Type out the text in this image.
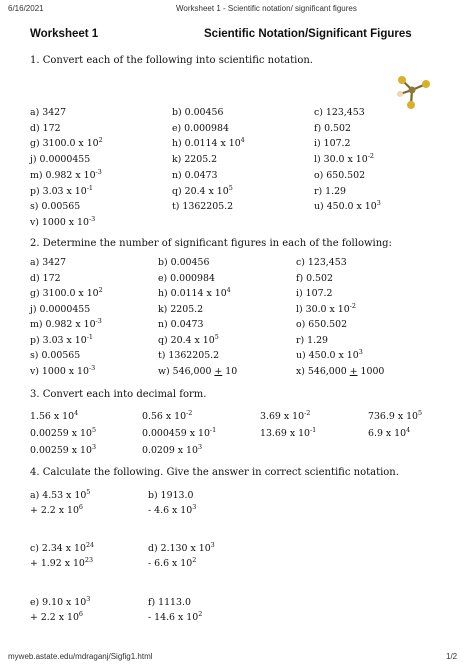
6/16/2021	Worksheet 1 - Scientific notation/ significant figures
Worksheet 1	Scientific Notation/Significant Figures
1. Convert each of the following into scientific notation.
a) 3427	b) 0.00456	c) 123,453
d) 172	e) 0.000984	f) 0.502
g) 3100.0 x $10^2$	h) 0.0114 x $10^4$	i) 107.2
j) 0.0000455	k) 2205.2	l) 30.0 x $10^{-2}$
m) 0.982 x $10^{-3}$	n) 0.0473	o) 650.502
p) 3.03 x $10^{-1}$	q) 20.4 x $10^5$	r) 1.29
s) 0.00565	t) 1362205.2	u) 450.0 x $10^3$
v) 1000 x $10^{-3}$
2. Determine the number of significant figures in each of the following:
a) 3427	b) 0.00456	c) 123,453
d) 172	e) 0.000984	f) 0.502
g) 3100.0 x $10^2$	h) 0.0114 x $10^4$	i) 107.2
j) 0.0000455	k) 2205.2	l) 30.0 x $10^{-2}$
m) 0.982 x $10^{-3}$	n) 0.0473	o) 650.502
p) 3.03 x $10^{-1}$	q) 20.4 x $10^5$	r) 1.29
s) 0.00565	t) 1362205.2	u) 450.0 x $10^3$
v) 1000 x $10^{-3}$	w) 546,000 + 10	x) 546,000 + 1000
3. Convert each into decimal form.
1.56 x $10^4$	0.56 x $10^{-2}$	3.69 x $10^{-2}$	736.9 x $10^5$
0.00259 x $10^5$	0.000459 x $10^{-1}$	13.69 x $10^{-1}$	6.9 x $10^4$
0.00259 x $10^3$	0.0209 x $10^3$
4. Calculate the following. Give the answer in correct scientific notation.
a) 4.53 x $10^5$	b) 1913.0
+ 2.2 x $10^6$	- 4.6 x $10^3$
c) 2.34 x $10^{24}$	d) 2.130 x $10^3$
+ 1.92 x $10^{23}$	- 6.6 x $10^2$
e) 9.10 x $10^3$	f) 1113.0
+ 2.2 x $10^6$	- 14.6 x $10^2$
myweb.astate.edu/mdraganj/Sigfig1.html	1/2
